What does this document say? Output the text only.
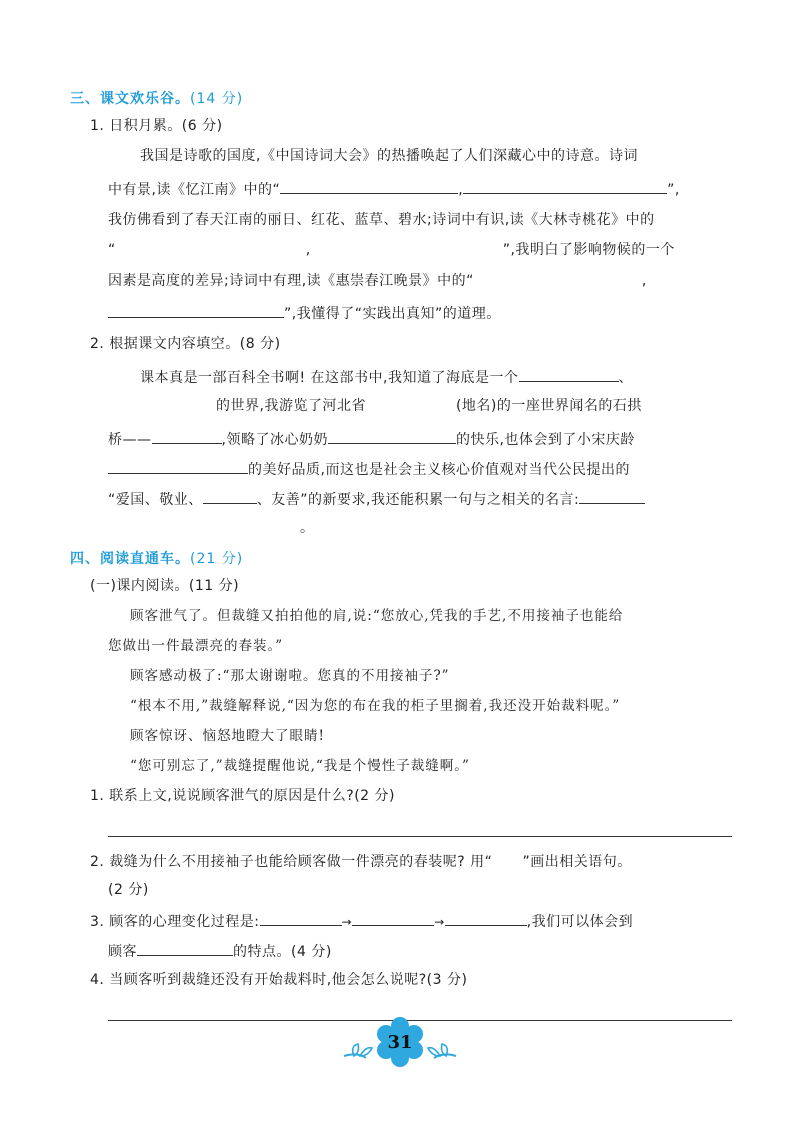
三、课文欢乐谷。(14 分)
1. 日积月累。(6 分)
我国是诗歌的国度,《中国诗词大会》的热播唤起了人们深藏心中的诗意。诗词
中有景,读《忆江南》中的“	,	”,
我仿佛看到了春天江南的丽日、红花、蓝草、碧水;诗词中有识,读《大林寺桃花》中的
“	,	”,我明白了影响物候的一个
因素是高度的差异;诗词中有理,读《惠崇春江晚景》中的“	,
”,我懂得了“实践出真知”的道理。
2. 根据课文内容填空。(8 分)
课本真是一部百科全书啊! 在这部书中,我知道了海底是一个	、
的世界,我游览了河北省	(地名)的一座世界闻名的石拱
桥——	,领略了冰心奶奶	的快乐,也体会到了小宋庆龄
的美好品质,而这也是社会主义核心价值观对当代公民提出的
“爱国、敬业、	、友善”的新要求,我还能积累一句与之相关的名言:
。
四、阅读直通车。(21 分)
(一)课内阅读。(11 分)
顾客泄气了。但裁缝又拍拍他的肩,说:“您放心,凭我的手艺,不用接袖子也能给
您做出一件最漂亮的春装。”
顾客感动极了:“那太谢谢啦。您真的不用接袖子?”
“根本不用,”裁缝解释说,“因为您的布在我的柜子里搁着,我还没开始裁料呢。”
顾客惊讶、恼怒地瞪大了眼睛!
“您可别忘了,”裁缝提醒他说,“我是个慢性子裁缝啊。”
1. 联系上文,说说顾客泄气的原因是什么?(2 分)
2. 裁缝为什么不用接袖子也能给顾客做一件漂亮的春装呢? 用“ ”画出相关语句。
(2 分)
3. 顾客的心理变化过程是:	→	→	,我们可以体会到
顾客	的特点。(4 分)
4. 当顾客听到裁缝还没有开始裁料时,他会怎么说呢?(3 分)
31
